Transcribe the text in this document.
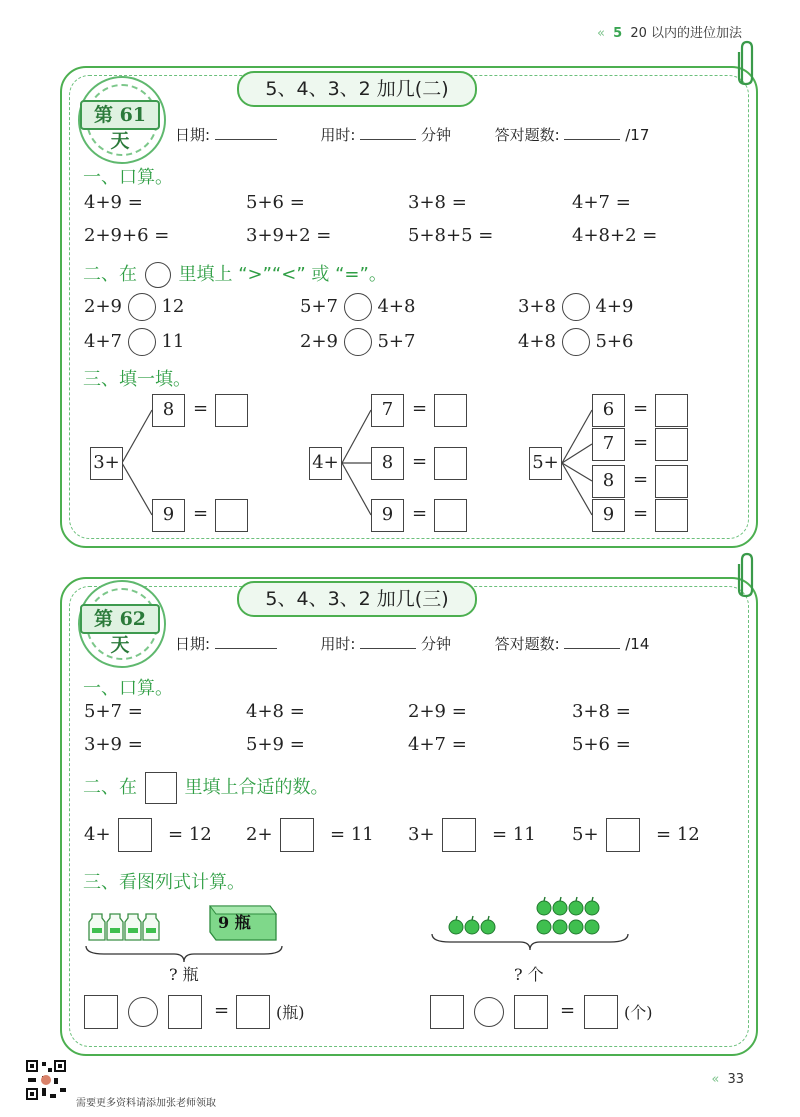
« 5 20 以内的进位加法
5、4、3、2 加几(二)
第 61 天	日期:	用时:	分钟	答对题数:	/17
一、口算。
4+9 =	5+6 =	3+8 =	4+7 =
2+9+6 =	3+9+2 =	5+8+5 =	4+8+2 =
二、在 里填上 “>”“<” 或 “=”。
2+9 12	5+7 4+8	3+8 4+9
4+7 11	2+9 5+7	4+8 5+6
三、填一填。
3+
8	=
9	=
4+
7	=
8	=
9	=
5+
6	=
7	=
8	=
9	=
5、4、3、2 加几(三)
第 62 天	日期:	用时:	分钟	答对题数:	/14
一、口算。
5+7 =	4+8 =	2+9 =	3+8 =
3+9 =	5+9 =	4+7 =	5+6 =
二、在	里填上合适的数。
4+	= 12 2+	= 11 3+	= 11 5+	= 12
三、看图列式计算。
9 瓶
? 瓶	? 个
=	(瓶)	=	(个)
需要更多资料请添加张老师领取
« 33
